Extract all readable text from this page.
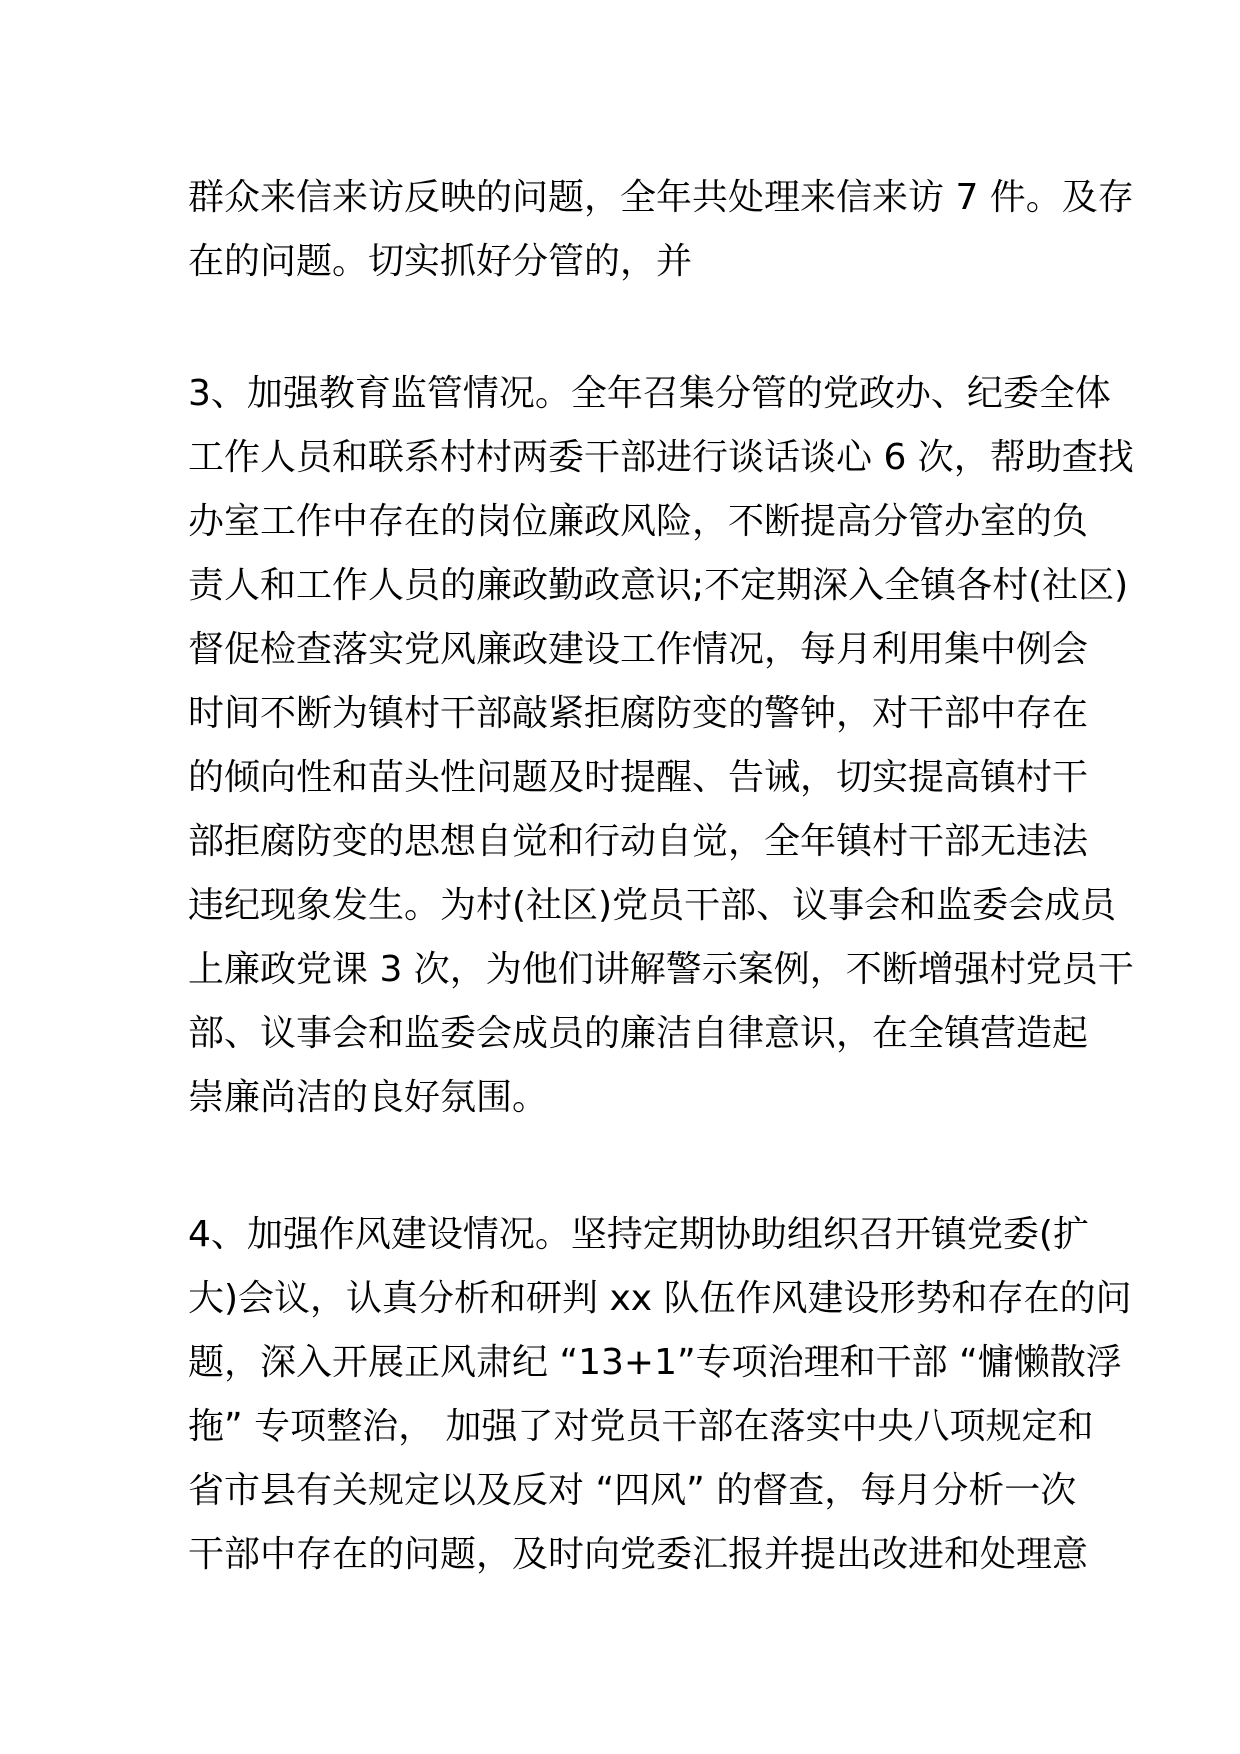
群众来信来访反映的问题，全年共处理来信来访 7 件。及存
在的问题。切实抓好分管的，并
3、加强教育监管情况。全年召集分管的党政办、纪委全体
工作人员和联系村村两委干部进行谈话谈心 6 次，帮助查找
办室工作中存在的岗位廉政风险，不断提高分管办室的负
责人和工作人员的廉政勤政意识;不定期深入全镇各村(社区)
督促检查落实党风廉政建设工作情况，每月利用集中例会
时间不断为镇村干部敲紧拒腐防变的警钟，对干部中存在
的倾向性和苗头性问题及时提醒、告诫，切实提高镇村干
部拒腐防变的思想自觉和行动自觉，全年镇村干部无违法
违纪现象发生。为村(社区)党员干部、议事会和监委会成员
上廉政党课 3 次，为他们讲解警示案例，不断增强村党员干
部、议事会和监委会成员的廉洁自律意识，在全镇营造起
崇廉尚洁的良好氛围。
4、加强作风建设情况。坚持定期协助组织召开镇党委(扩
大)会议，认真分析和研判 xx 队伍作风建设形势和存在的问
题，深入开展正风肃纪 “13+1”专项治理和干部 “慵懒散浮
拖” 专项整治， 加强了对党员干部在落实中央八项规定和
省市县有关规定以及反对 “四风” 的督查，每月分析一次
干部中存在的问题，及时向党委汇报并提出改进和处理意
